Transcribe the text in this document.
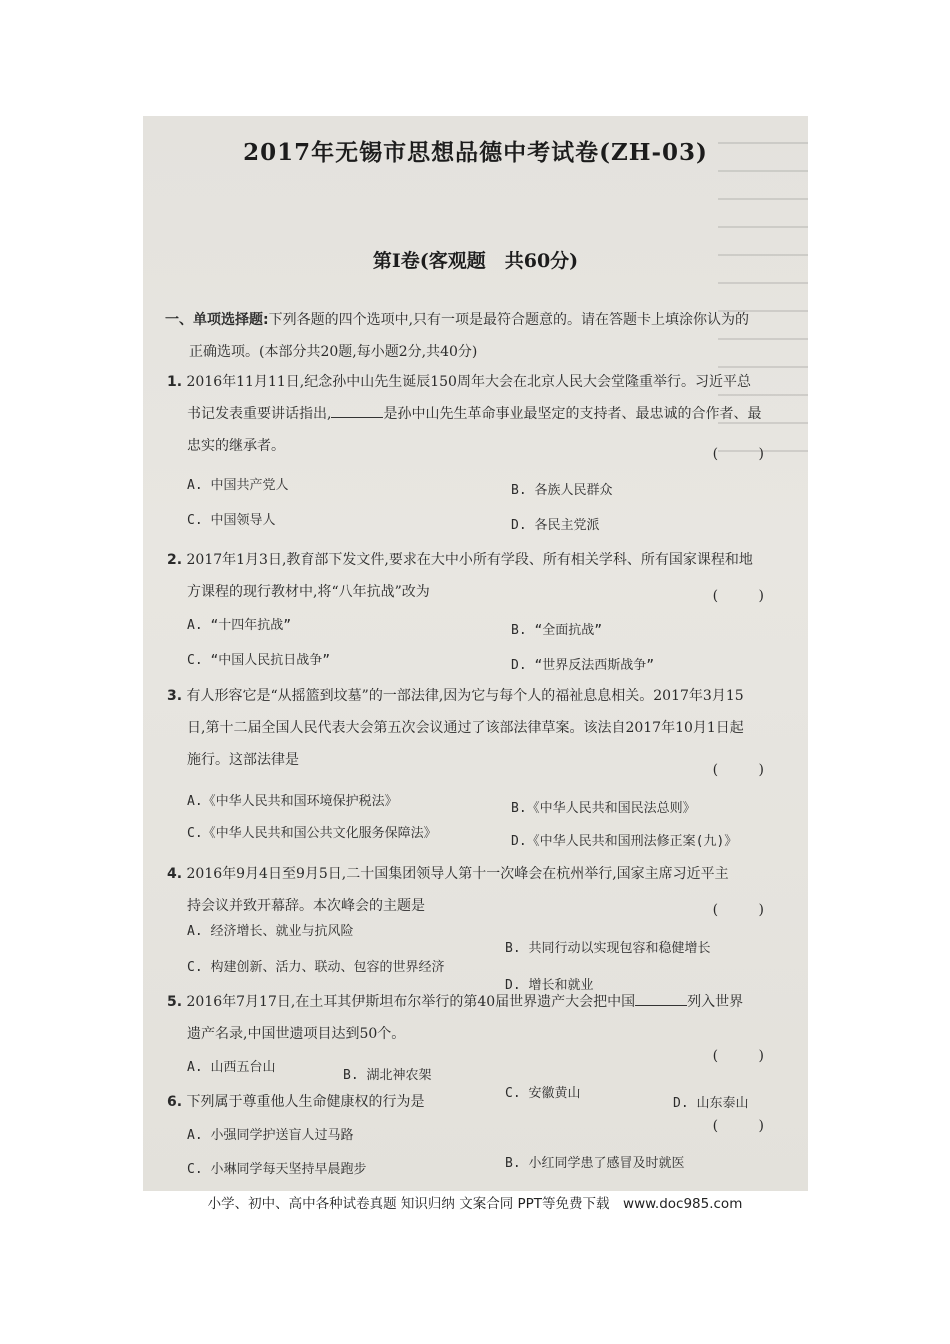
2017年无锡市思想品德中考试卷(ZH-03)
第Ⅰ卷(客观题　共60分)
一、单项选择题:下列各题的四个选项中,只有一项是最符合题意的。请在答题卡上填涂你认为的
正确选项。(本部分共20题,每小题2分,共40分)
1. 2016年11月11日,纪念孙中山先生诞辰150周年大会在北京人民大会堂隆重举行。习近平总
书记发表重要讲话指出,	是孙中山先生革命事业最坚定的支持者、最忠诚的合作者、最
忠实的继承者。	( )
A. 中国共产党人	B. 各族人民群众
C. 中国领导人	D. 各民主党派
2. 2017年1月3日,教育部下发文件,要求在大中小所有学段、所有相关学科、所有国家课程和地
方课程的现行教材中,将“八年抗战”改为	( )
A. “十四年抗战”	B. “全面抗战”
C. “中国人民抗日战争”	D. “世界反法西斯战争”
3. 有人形容它是“从摇篮到坟墓”的一部法律,因为它与每个人的福祉息息相关。2017年3月15
日,第十二届全国人民代表大会第五次会议通过了该部法律草案。该法自2017年10月1日起
施行。这部法律是
( )
A.《中华人民共和国环境保护税法》	B.《中华人民共和国民法总则》
C.《中华人民共和国公共文化服务保障法》
D.《中华人民共和国刑法修正案(九)》
4. 2016年9月4日至9月5日,二十国集团领导人第十一次峰会在杭州举行,国家主席习近平主
持会议并致开幕辞。本次峰会的主题是	( )
A. 经济增长、就业与抗风险
B. 共同行动以实现包容和稳健增长
C. 构建创新、活力、联动、包容的世界经济
D. 增长和就业
5. 2016年7月17日,在土耳其伊斯坦布尔举行的第40届世界遗产大会把中国	列入世界
遗产名录,中国世遗项目达到50个。
( )
A. 山西五台山
B. 湖北神农架
C. 安徽黄山
D. 山东泰山
6. 下列属于尊重他人生命健康权的行为是
( )
A. 小强同学护送盲人过马路
B. 小红同学患了感冒及时就医
C. 小琳同学每天坚持早晨跑步
小学、初中、高中各种试卷真题 知识归纳 文案合同 PPT等免费下载　www.doc985.com
